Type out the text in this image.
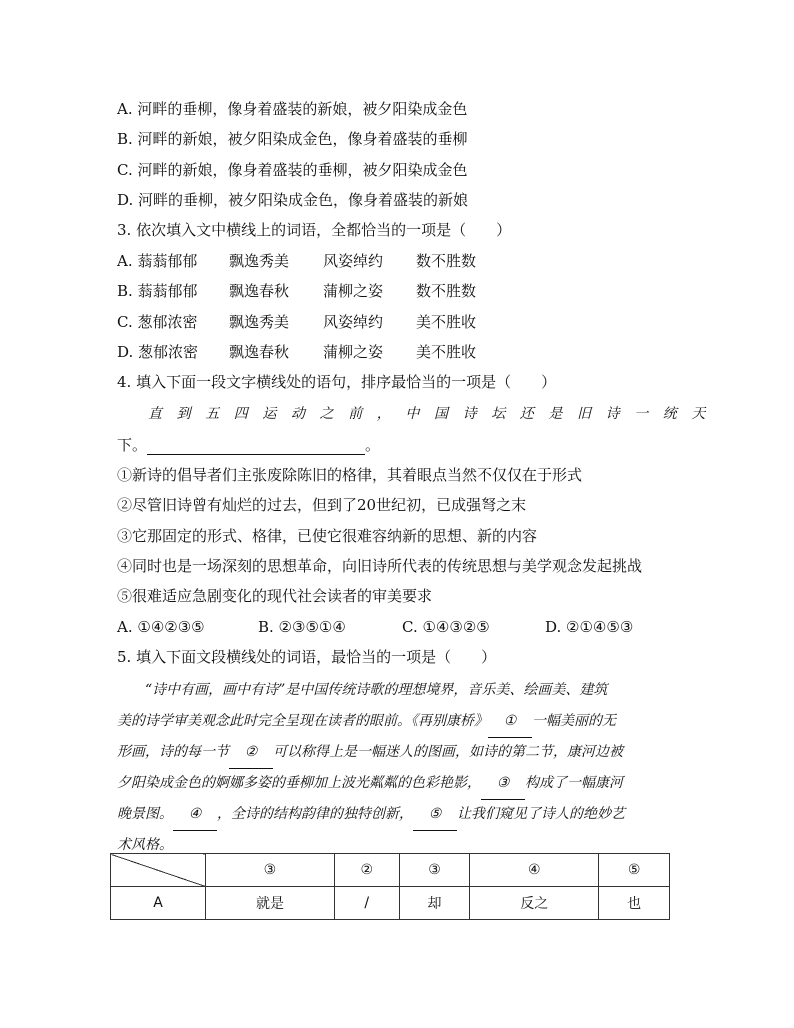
A. 河畔的垂柳，像身着盛装的新娘，被夕阳染成金色
B. 河畔的新娘，被夕阳染成金色，像身着盛装的垂柳
C. 河畔的新娘，像身着盛装的垂柳，被夕阳染成金色
D. 河畔的垂柳，被夕阳染成金色，像身着盛装的新娘
3. 依次填入文中横线上的词语，全都恰当的一项是（　　）
A. 蓊蓊郁郁 飘逸秀美 风姿绰约 数不胜数
B. 蓊蓊郁郁 飘逸春秋 蒲柳之姿 数不胜数
C. 葱郁浓密 飘逸秀美 风姿绰约 美不胜收
D. 葱郁浓密 飘逸春秋 蒲柳之姿 美不胜收
4. 填入下面一段文字横线处的语句，排序最恰当的一项是（　　）
直到五四运动之前，中国诗坛还是旧诗一统天
下。	。
①新诗的倡导者们主张废除陈旧的格律，其着眼点当然不仅仅在于形式
②尽管旧诗曾有灿烂的过去，但到了20世纪初，已成强弩之末
③它那固定的形式、格律，已使它很难容纳新的思想、新的内容
④同时也是一场深刻的思想革命，向旧诗所代表的传统思想与美学观念发起挑战
⑤很难适应急剧变化的现代社会读者的审美要求
A. ①④②③⑤	B. ②③⑤①④	C. ①④③②⑤	D. ②①④⑤③
5. 填入下面文段横线处的词语，最恰当的一项是（　　）
“诗中有画，画中有诗”是中国传统诗歌的理想境界，音乐美、绘画美、建筑
美的诗学审美观念此时完全呈现在读者的眼前。《再别康桥》 ① 一幅美丽的无
形画，诗的每一节 ② 可以称得上是一幅迷人的图画，如诗的第二节，康河边被
夕阳染成金色的婀娜多姿的垂柳加上波光粼粼的色彩艳影， ③ 构成了一幅康河
晚景图。 ④ ，全诗的结构韵律的独特创新， ⑤ 让我们窥见了诗人的绝妙艺
术风格。
	③	②	③	④	⑤
A	就是	/	却	反之	也
